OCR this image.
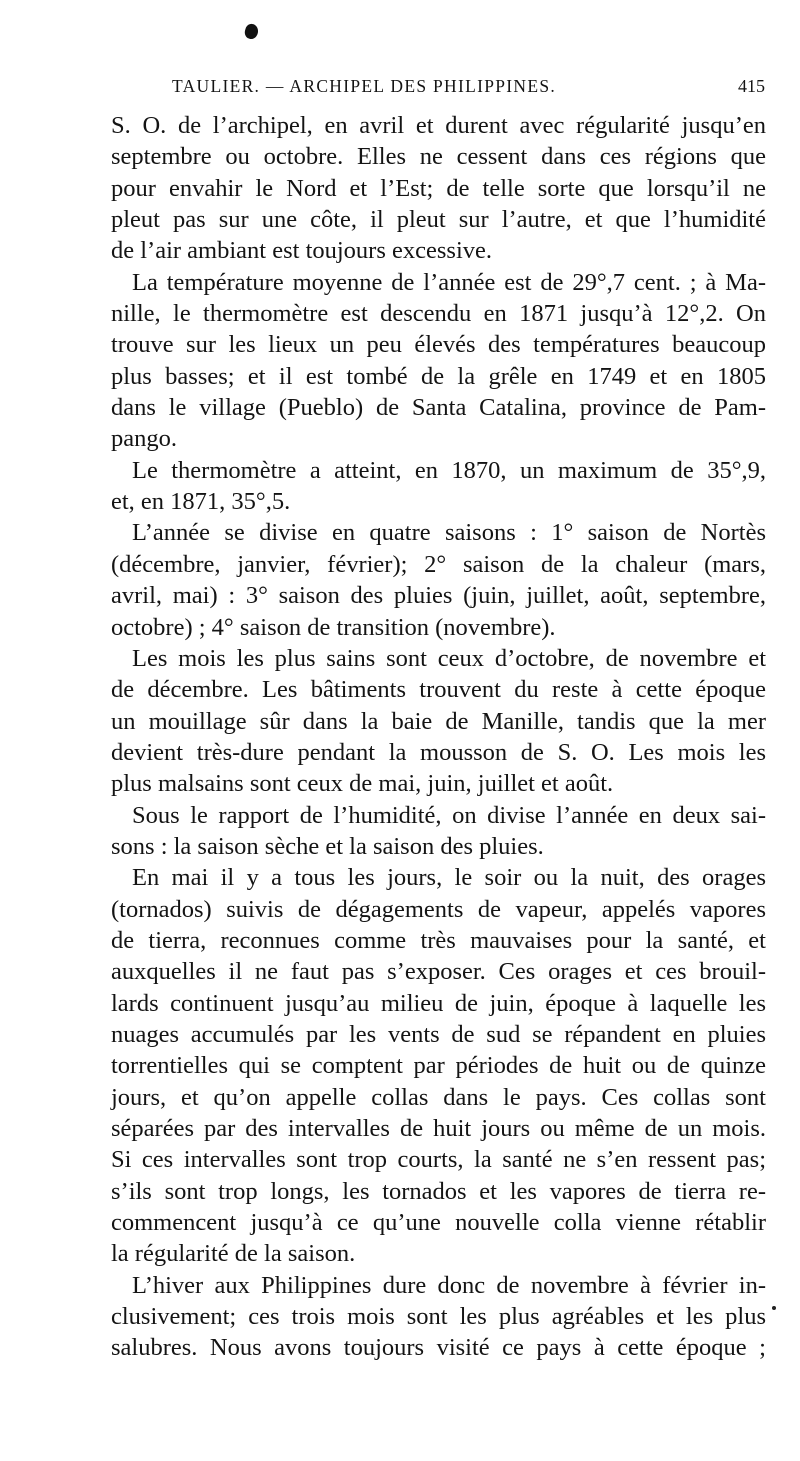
TAULIER. — ARCHIPEL DES PHILIPPINES.	415
S. O. de l’archipel, en avril et durent avec régularité jusqu’en
septembre ou octobre. Elles ne cessent dans ces régions que
pour envahir le Nord et l’Est; de telle sorte que lorsqu’il ne
pleut pas sur une côte, il pleut sur l’autre, et que l’humidité
de l’air ambiant est toujours excessive.
La température moyenne de l’année est de 29°,7 cent. ; à Ma-
nille, le thermomètre est descendu en 1871 jusqu’à 12°,2. On
trouve sur les lieux un peu élevés des températures beaucoup
plus basses; et il est tombé de la grêle en 1749 et en 1805
dans le village (Pueblo) de Santa Catalina, province de Pam-
pango.
Le thermomètre a atteint, en 1870, un maximum de 35°,9,
et, en 1871, 35°,5.
L’année se divise en quatre saisons : 1° saison de Nortès
(décembre, janvier, février); 2° saison de la chaleur (mars,
avril, mai) : 3° saison des pluies (juin, juillet, août, septembre,
octobre) ; 4° saison de transition (novembre).
Les mois les plus sains sont ceux d’octobre, de novembre et
de décembre. Les bâtiments trouvent du reste à cette époque
un mouillage sûr dans la baie de Manille, tandis que la mer
devient très-dure pendant la mousson de S. O. Les mois les
plus malsains sont ceux de mai, juin, juillet et août.
Sous le rapport de l’humidité, on divise l’année en deux sai-
sons : la saison sèche et la saison des pluies.
En mai il y a tous les jours, le soir ou la nuit, des orages
(tornados) suivis de dégagements de vapeur, appelés vapores
de tierra, reconnues comme très mauvaises pour la santé, et
auxquelles il ne faut pas s’exposer. Ces orages et ces brouil-
lards continuent jusqu’au milieu de juin, époque à laquelle les
nuages accumulés par les vents de sud se répandent en pluies
torrentielles qui se comptent par périodes de huit ou de quinze
jours, et qu’on appelle collas dans le pays. Ces collas sont
séparées par des intervalles de huit jours ou même de un mois.
Si ces intervalles sont trop courts, la santé ne s’en ressent pas;
s’ils sont trop longs, les tornados et les vapores de tierra re-
commencent jusqu’à ce qu’une nouvelle colla vienne rétablir
la régularité de la saison.
L’hiver aux Philippines dure donc de novembre à février in-
clusivement; ces trois mois sont les plus agréables et les plus
salubres. Nous avons toujours visité ce pays à cette époque ;
